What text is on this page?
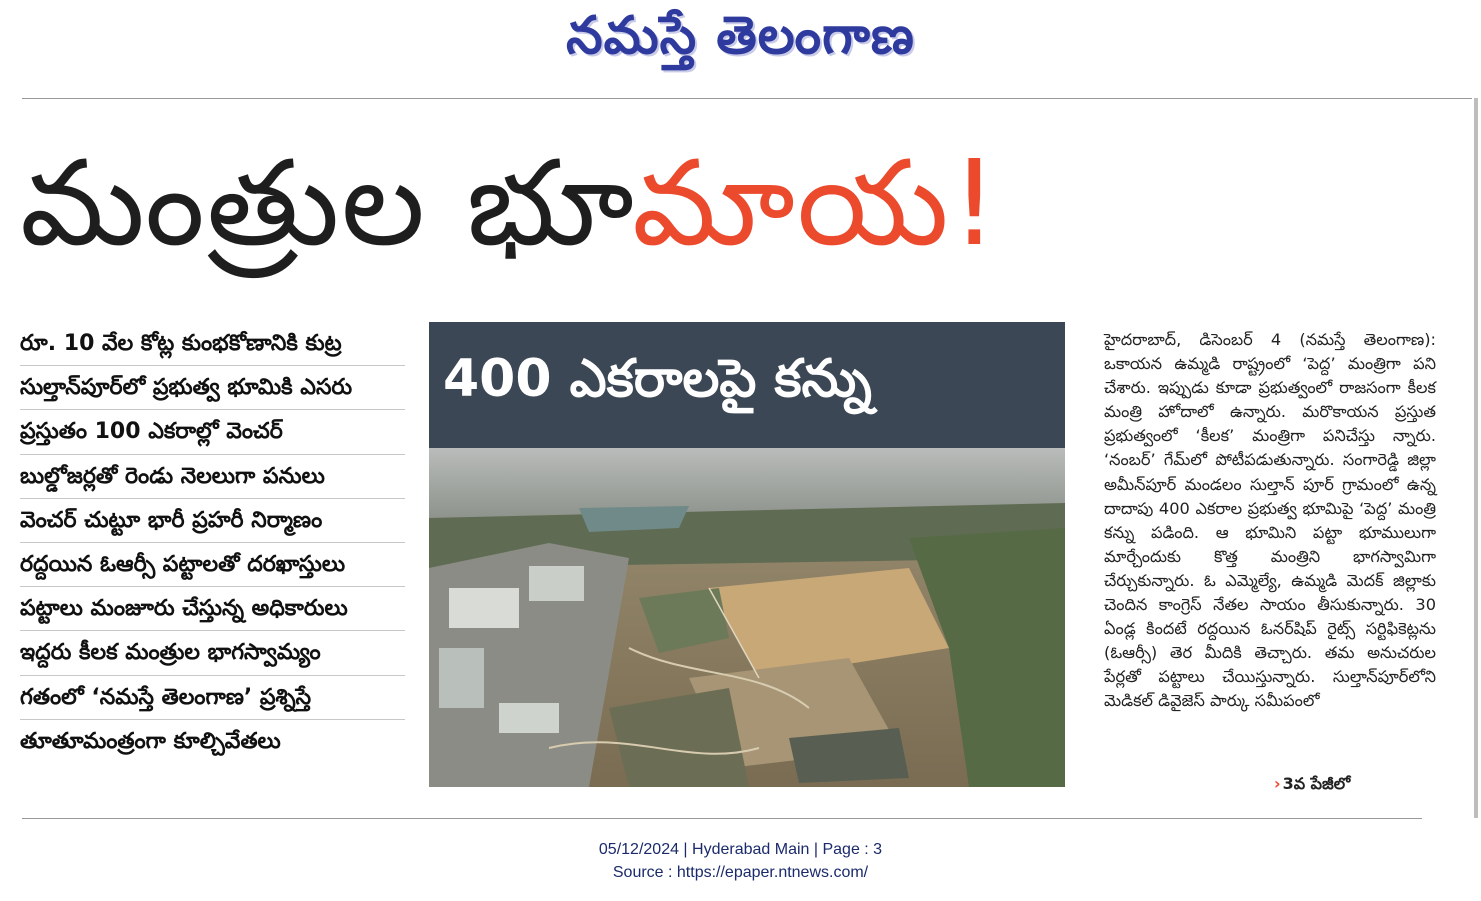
నమస్తే తెలంగాణ
మంత్రుల భూమాయ!
రూ. 10 వేల కోట్ల కుంభకోణానికి కుట్ర
సుల్తాన్‌పూర్‌లో ప్రభుత్వ భూమికి ఎసరు
ప్రస్తుతం 100 ఎకరాల్లో వెంచర్
బుల్డోజర్లతో రెండు నెలలుగా పనులు
వెంచర్ చుట్టూ భారీ ప్రహరీ నిర్మాణం
రద్దయిన ఓఆర్సీ పట్టాలతో దరఖాస్తులు
పట్టాలు మంజూరు చేస్తున్న అధికారులు
ఇద్దరు కీలక మంత్రుల భాగస్వామ్యం
గతంలో ‘నమస్తే తెలంగాణ’ ప్రశ్నిస్తే
తూతూమంత్రంగా కూల్చివేతలు
400 ఎకరాలపై కన్ను
హైదరాబాద్, డిసెంబర్ 4 (నమస్తే తెలంగాణ): ఒకాయన ఉమ్మడి రాష్ట్రంలో ‘పెద్ద’ మంత్రిగా పని చేశారు. ఇప్పుడు కూడా ప్రభుత్వంలో రాజసంగా కీలక మంత్రి హోదాలో ఉన్నారు. మరొకాయన ప్రస్తుత ప్రభుత్వంలో ‘కీలక’ మంత్రిగా పనిచేస్తు న్నారు. ‘నంబర్’ గేమ్‌లో పోటీపడుతున్నారు. సంగారెడ్డి జిల్లా అమీన్‌పూర్ మండలం సుల్తాన్ పూర్ గ్రామంలో ఉన్న దాదాపు 400 ఎకరాల ప్రభుత్వ భూమిపై ‘పెద్ద’ మంత్రి కన్ను పడింది. ఆ భూమిని పట్టా భూములుగా మార్చేందుకు కొత్త మంత్రిని భాగస్వామిగా చేర్చుకున్నారు. ఓ ఎమ్మెల్యే, ఉమ్మడి మెదక్ జిల్లాకు చెందిన కాంగ్రెస్ నేతల సాయం తీసుకున్నారు. 30 ఏండ్ల కిందటే రద్దయిన ఓనర్‌షిప్ రైట్స్ సర్టిఫికెట్లను (ఓఆర్సీ) తెర మీదికి తెచ్చారు. తమ అనుచరుల పేర్లతో పట్టాలు చేయిస్తున్నారు. సుల్తాన్‌పూర్‌లోని మెడికల్ డివైజెస్ పార్కు సమీపంలో
› 3వ పేజీలో
05/12/2024 | Hyderabad Main | Page : 3
Source : https://epaper.ntnews.com/
